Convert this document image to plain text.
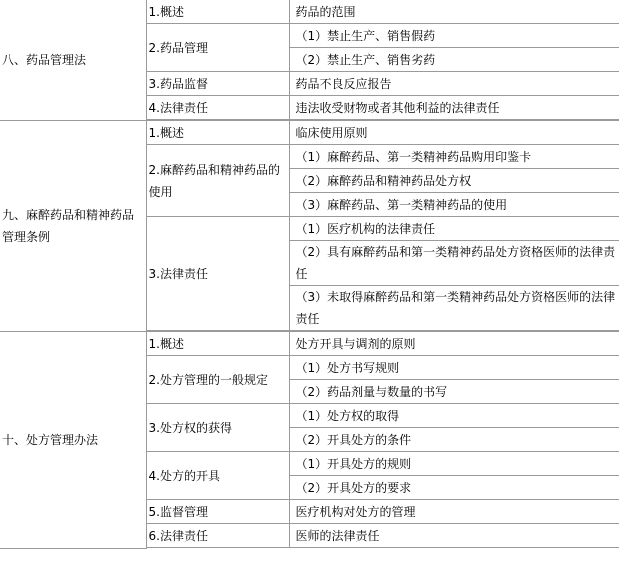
八、药品管理法	1.概述	药品的范围
	2.药品管理	（1）禁止生产、销售假药
		（2）禁止生产、销售劣药
	3.药品监督	药品不良反应报告
	4.法律责任	违法收受财物或者其他利益的法律责任

九、麻醉药品和精神药品管理条例	1.概述	临床使用原则
	2.麻醉药品和精神药品的使用	（1）麻醉药品、第一类精神药品购用印鉴卡
		（2）麻醉药品和精神药品处方权
		（3）麻醉药品、第一类精神药品的使用
	3.法律责任	（1）医疗机构的法律责任
		（2）具有麻醉药品和第一类精神药品处方资格医师的法律责任
		（3）未取得麻醉药品和第一类精神药品处方资格医师的法律责任

十、处方管理办法	1.概述	处方开具与调剂的原则
	2.处方管理的一般规定	（1）处方书写规则
		（2）药品剂量与数量的书写
	3.处方权的获得	（1）处方权的取得
		（2）开具处方的条件
	4.处方的开具	（1）开具处方的规则
		（2）开具处方的要求
	5.监督管理	医疗机构对处方的管理
	6.法律责任	医师的法律责任
